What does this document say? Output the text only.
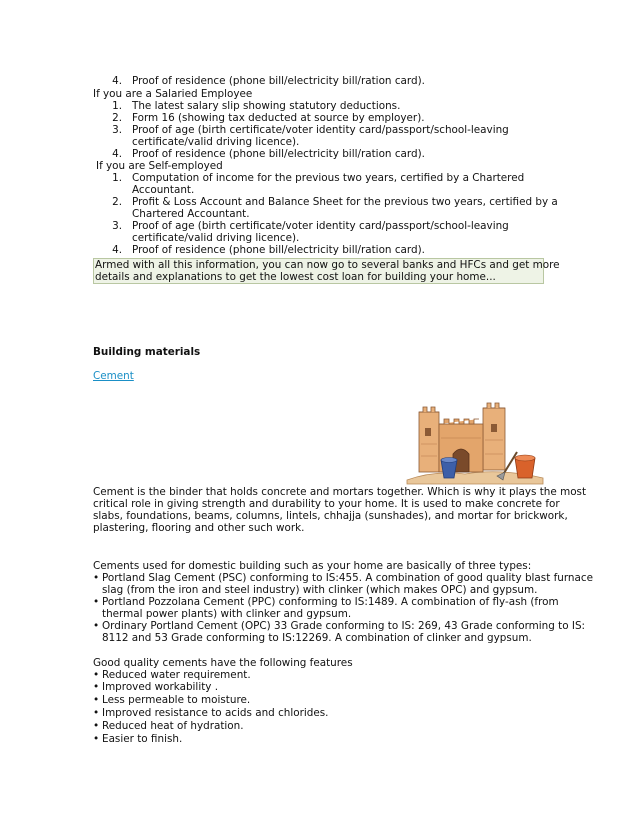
4. Proof of residence (phone bill/electricity bill/ration card).
If you are a Salaried Employee
1. The latest salary slip showing statutory deductions.
2. Form 16 (showing tax deducted at source by employer).
3. Proof of age (birth certificate/voter identity card/passport/school-leaving
certificate/valid driving licence).
4. Proof of residence (phone bill/electricity bill/ration card).
If you are Self-employed
1. Computation of income for the previous two years, certified by a Chartered
Accountant.
2. Profit & Loss Account and Balance Sheet for the previous two years, certified by a
Chartered Accountant.
3. Proof of age (birth certificate/voter identity card/passport/school-leaving
certificate/valid driving licence).
4. Proof of residence (phone bill/electricity bill/ration card).
Armed with all this information, you can now go to several banks and HFCs and get more
details and explanations to get the lowest cost loan for building your home...
Building materials
Cement
Cement is the binder that holds concrete and mortars together. Which is why it plays the most
critical role in giving strength and durability to your home. It is used to make concrete for
slabs, foundations, beams, columns, lintels, chhajja (sunshades), and mortar for brickwork,
plastering, flooring and other such work.
Cements used for domestic building such as your home are basically of three types:
• Portland Slag Cement (PSC) conforming to IS:455. A combination of good quality blast furnace
slag (from the iron and steel industry) with clinker (which makes OPC) and gypsum.
• Portland Pozzolana Cement (PPC) conforming to IS:1489. A combination of fly-ash (from
thermal power plants) with clinker and gypsum.
• Ordinary Portland Cement (OPC) 33 Grade conforming to IS: 269, 43 Grade conforming to IS:
8112 and 53 Grade conforming to IS:12269. A combination of clinker and gypsum.
Good quality cements have the following features
• Reduced water requirement.
• Improved workability .
• Less permeable to moisture.
• Improved resistance to acids and chlorides.
• Reduced heat of hydration.
• Easier to finish.
